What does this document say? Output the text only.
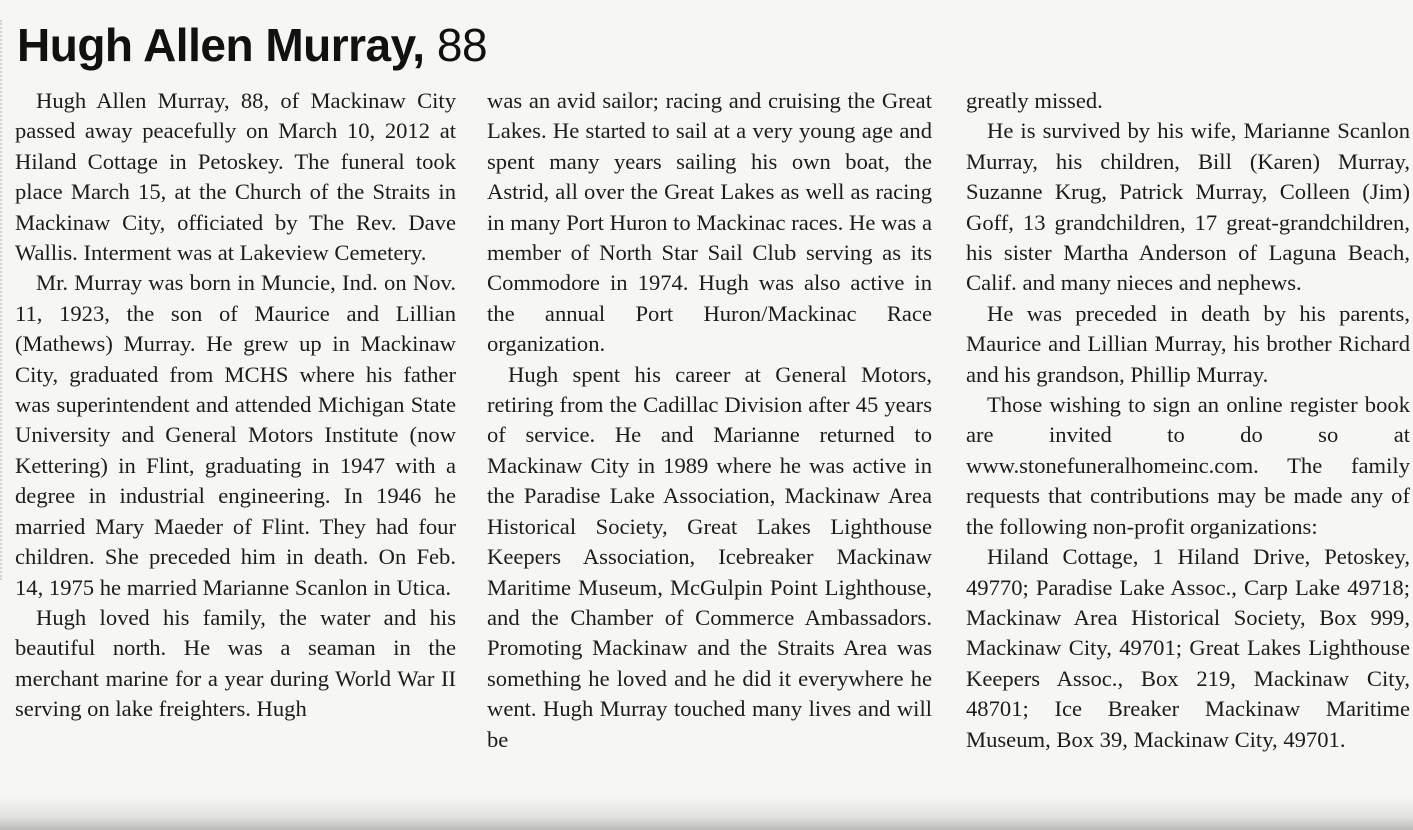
Hugh Allen Murray, 88

Hugh Allen Murray, 88, of Mackinaw City passed away peacefully on March 10, 2012 at Hiland Cottage in Petoskey. The funeral took place March 15, at the Church of the Straits in Mackinaw City, officiated by The Rev. Dave Wallis. Interment was at Lakeview Cemetery.

Mr. Murray was born in Muncie, Ind. on Nov. 11, 1923, the son of Maurice and Lillian (Mathews) Murray. He grew up in Mackinaw City, graduated from MCHS where his father was superintendent and attended Michigan State University and General Motors Institute (now Kettering) in Flint, graduating in 1947 with a degree in industrial engineering. In 1946 he married Mary Maeder of Flint. They had four children. She preceded him in death. On Feb. 14, 1975 he married Marianne Scanlon in Utica.

Hugh loved his family, the water and his beautiful north. He was a seaman in the merchant marine for a year during World War II serving on lake freighters. Hugh

was an avid sailor; racing and cruising the Great Lakes. He started to sail at a very young age and spent many years sailing his own boat, the Astrid, all over the Great Lakes as well as racing in many Port Huron to Mackinac races. He was a member of North Star Sail Club serving as its Commodore in 1974. Hugh was also active in the annual Port Huron/Mackinac Race organization.

Hugh spent his career at General Motors, retiring from the Cadillac Division after 45 years of service. He and Marianne returned to Mackinaw City in 1989 where he was active in the Paradise Lake Association, Mackinaw Area Historical Society, Great Lakes Lighthouse Keepers Association, Icebreaker Mackinaw Maritime Museum, McGulpin Point Lighthouse, and the Chamber of Commerce Ambassadors. Promoting Mackinaw and the Straits Area was something he loved and he did it everywhere he went. Hugh Murray touched many lives and will be

greatly missed.

He is survived by his wife, Marianne Scanlon Murray, his children, Bill (Karen) Murray, Suzanne Krug, Patrick Murray, Colleen (Jim) Goff, 13 grandchildren, 17 great-grandchildren, his sister Martha Anderson of Laguna Beach, Calif. and many nieces and nephews.

He was preceded in death by his parents, Maurice and Lillian Murray, his brother Richard and his grandson, Phillip Murray.

Those wishing to sign an online register book are invited to do so at www.stonefuneralhomeinc.com. The family requests that contributions may be made any of the following non-profit organizations:

Hiland Cottage, 1 Hiland Drive, Petoskey, 49770; Paradise Lake Assoc., Carp Lake 49718; Mackinaw Area Historical Society, Box 999, Mackinaw City, 49701; Great Lakes Lighthouse Keepers Assoc., Box 219, Mackinaw City, 48701; Ice Breaker Mackinaw Maritime Museum, Box 39, Mackinaw City, 49701.
